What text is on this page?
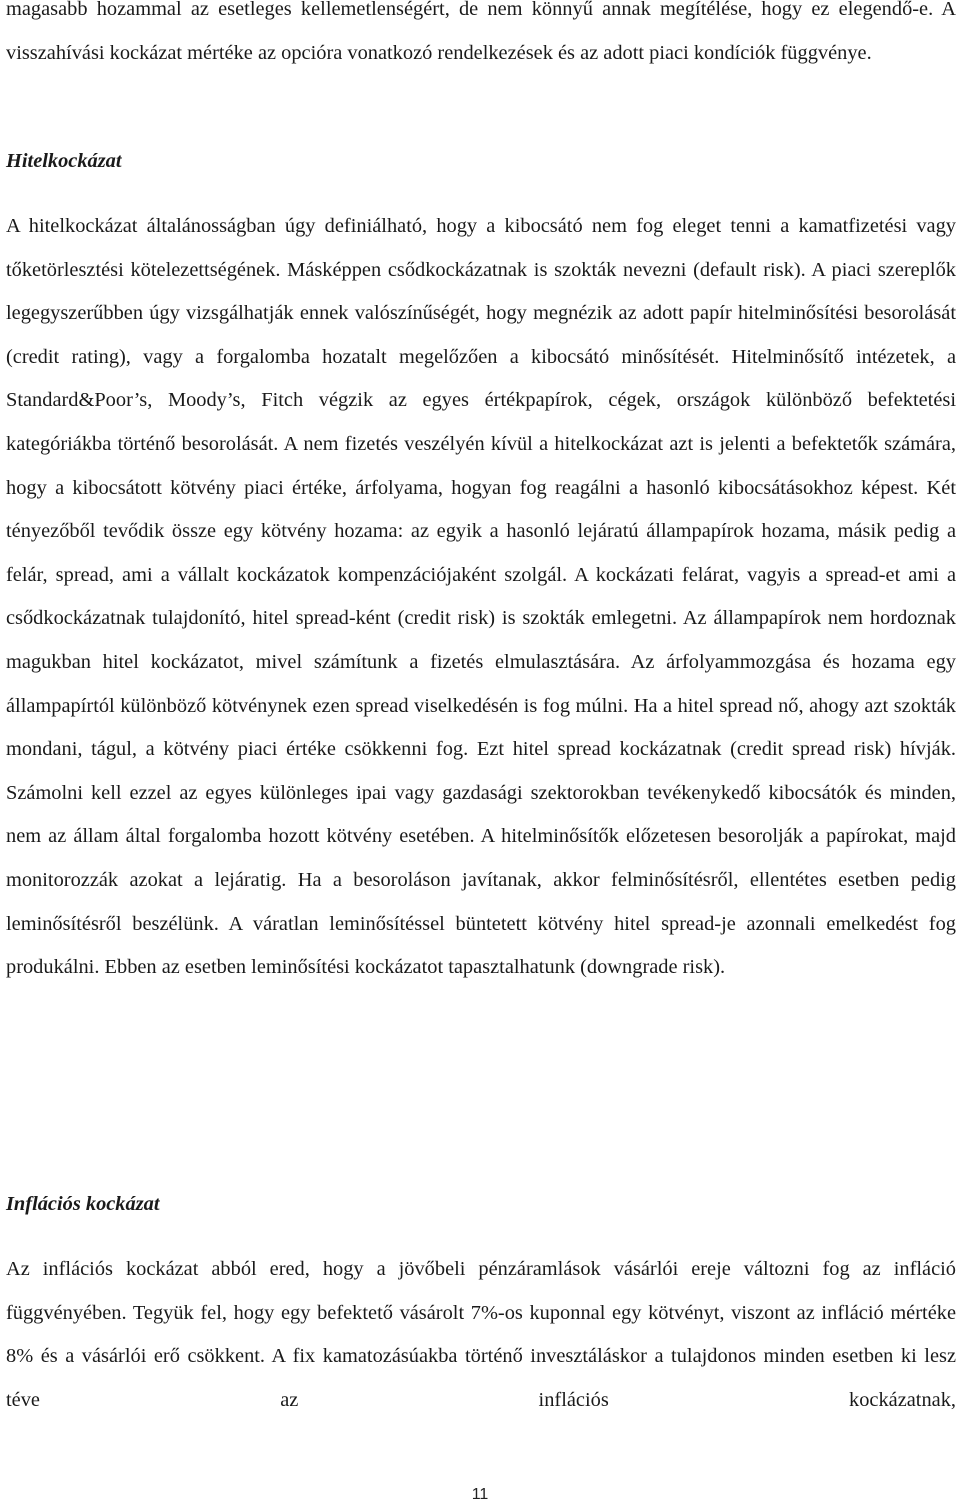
magasabb hozammal az esetleges kellemetlenségért, de nem könnyű annak megítélése, hogy ez elegendő-e. A visszahívási kockázat mértéke az opcióra vonatkozó rendelkezések és az adott piaci kondíciók függvénye.

Hitelkockázat

A hitelkockázat általánosságban úgy definiálható, hogy a kibocsátó nem fog eleget tenni a kamatfizetési vagy tőketörlesztési kötelezettségének. Másképpen csődkockázatnak is szokták nevezni (default risk). A piaci szereplők legegyszerűbben úgy vizsgálhatják ennek valószínűségét, hogy megnézik az adott papír hitelminősítési besorolását (credit rating), vagy a forgalomba hozatalt megelőzően a kibocsátó minősítését. Hitelminősítő intézetek, a Standard&Poor’s, Moody’s, Fitch végzik az egyes értékpapírok, cégek, országok különböző befektetési kategóriákba történő besorolását. A nem fizetés veszélyén kívül a hitelkockázat azt is jelenti a befektetők számára, hogy a kibocsátott kötvény piaci értéke, árfolyama, hogyan fog reagálni a hasonló kibocsátásokhoz képest. Két tényezőből tevődik össze egy kötvény hozama: az egyik a hasonló lejáratú állampapírok hozama, másik pedig a felár, spread, ami a vállalt kockázatok kompenzációjaként szolgál. A kockázati felárat, vagyis a spread-et ami a csődkockázatnak tulajdonító, hitel spread-ként (credit risk) is szokták emlegetni. Az állampapírok nem hordoznak magukban hitel kockázatot, mivel számítunk a fizetés elmulasztására. Az árfolyammozgása és hozama egy állampapírtól különböző kötvénynek ezen spread viselkedésén is fog múlni. Ha a hitel spread nő, ahogy azt szokták mondani, tágul, a kötvény piaci értéke csökkenni fog. Ezt hitel spread kockázatnak (credit spread risk) hívják. Számolni kell ezzel az egyes különleges ipai vagy gazdasági szektorokban tevékenykedő kibocsátók és minden, nem az állam által forgalomba hozott kötvény esetében. A hitelminősítők előzetesen besorolják a papírokat, majd monitorozzák azokat a lejáratig. Ha a besoroláson javítanak, akkor felminősítésről, ellentétes esetben pedig leminősítésről beszélünk. A váratlan leminősítéssel büntetett kötvény hitel spread-je azonnali emelkedést fog produkálni. Ebben az esetben leminősítési kockázatot tapasztalhatunk (downgrade risk).

Inflációs kockázat

Az inflációs kockázat abból ered, hogy a jövőbeli pénzáramlások vásárlói ereje változni fog az infláció függvényében. Tegyük fel, hogy egy befektető vásárolt 7%-os kuponnal egy kötvényt, viszont az infláció mértéke 8% és a vásárlói erő csökkent. A fix kamatozásúakba történő invesztáláskor a tulajdonos minden esetben ki lesz téve az inflációs kockázatnak,

11
